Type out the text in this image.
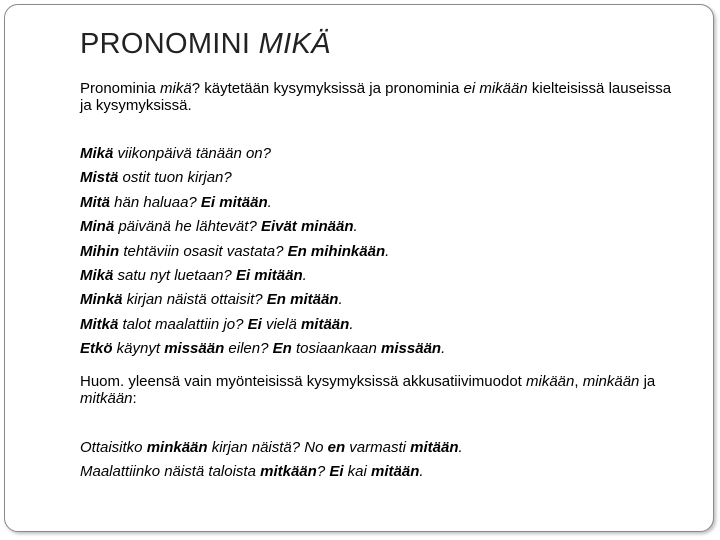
PRONOMINI MIKÄ
Pronominia mikä? käytetään kysymyksissä ja pronominia ei mikään kielteisissä lauseissa ja kysymyksissä.
Mikä viikonpäivä tänään on?
Mistä ostit tuon kirjan?
Mitä hän haluaa? Ei mitään.
Minä päivänä he lähtevät? Eivät minään.
Mihin tehtäviin osasit vastata? En mihinkään.
Mikä satu nyt luetaan? Ei mitään.
Minkä kirjan näistä ottaisit? En mitään.
Mitkä talot maalattiin jo? Ei vielä mitään.
Etkö käynyt missään eilen? En tosiaankaan missään.
Huom. yleensä vain myönteisissä kysymyksissä akkusatiivimuodot mikään, minkään ja mitkään:
Ottaisitko minkään kirjan näistä? No en varmasti mitään.
Maalattiinko näistä taloista mitkään? Ei kai mitään.
